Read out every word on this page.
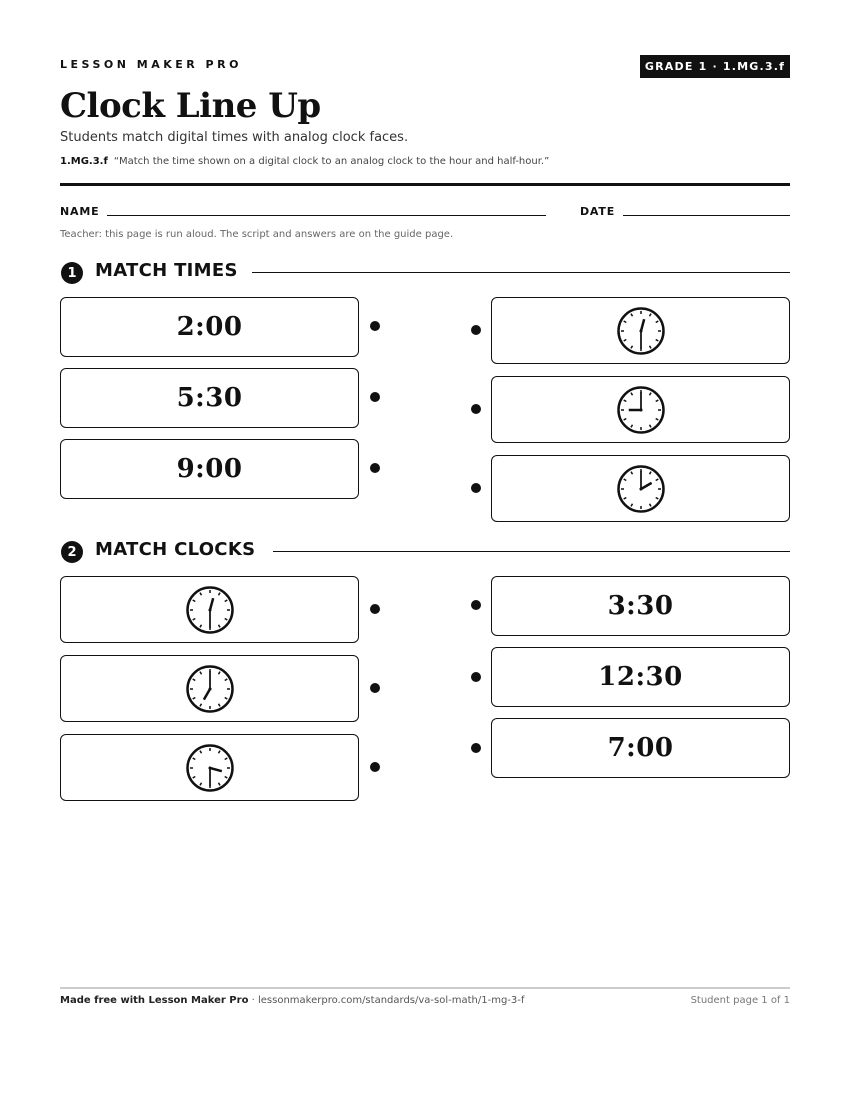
LESSON MAKER PRO	GRADE 1 · 1.MG.3.f
Clock Line Up
Students match digital times with analog clock faces.
1.MG.3.f “Match the time shown on a digital clock to an analog clock to the hour and half-hour.”
NAME	DATE
Teacher: this page is run aloud. The script and answers are on the guide page.
1	MATCH TIMES
2:00
5:30
9:00
2	MATCH CLOCKS
3:30
12:30
7:00
Made free with Lesson Maker Pro · lessonmakerpro.com/standards/va-sol-math/1-mg-3-f	Student page 1 of 1
